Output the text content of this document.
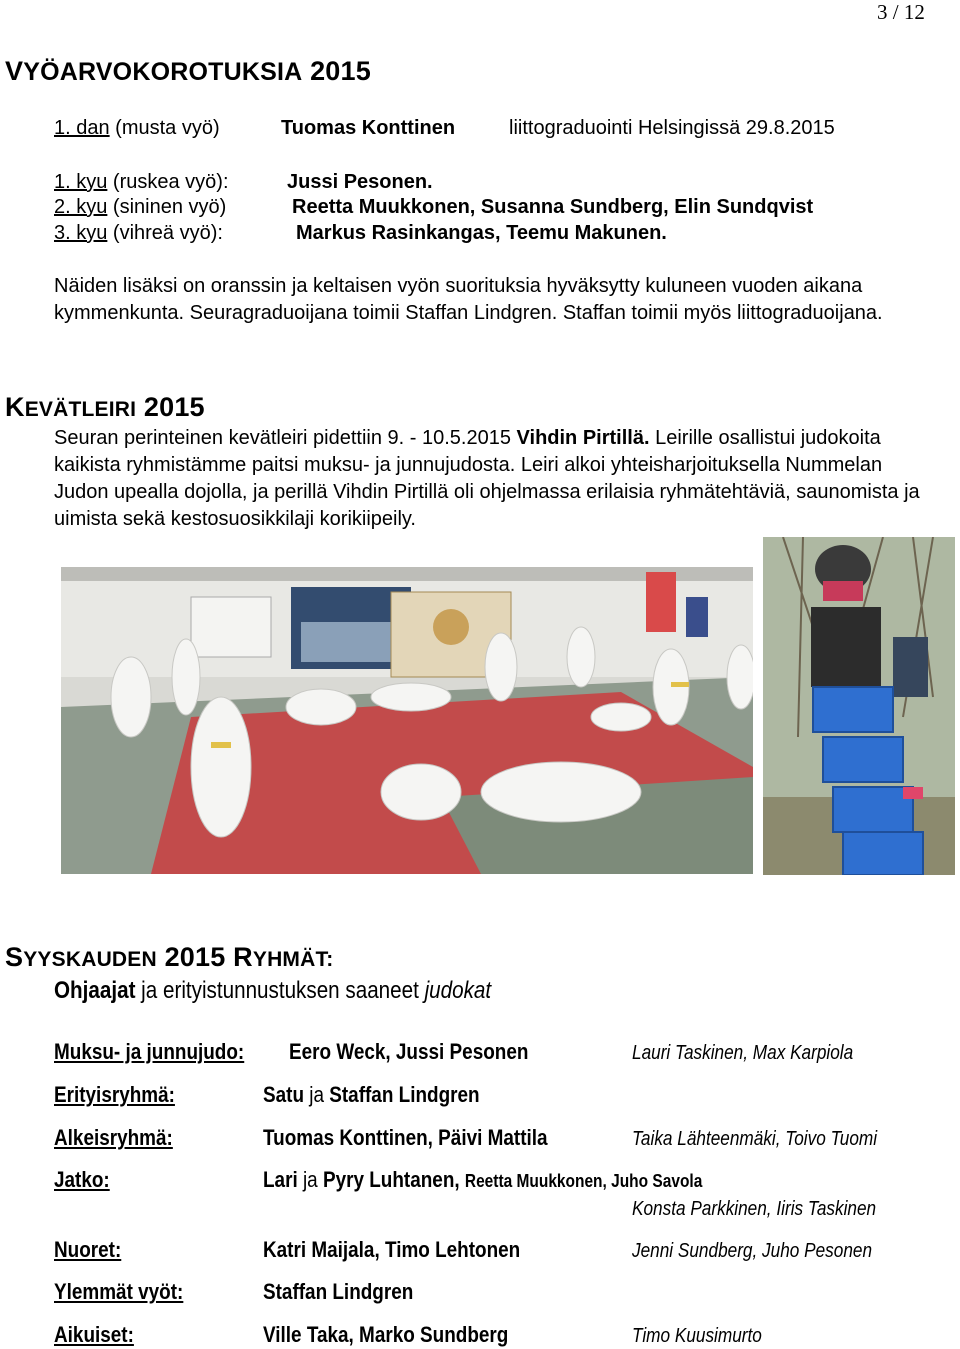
3 / 12
VYÖARVOKOROTUKSIA 2015
1. dan (musta vyö)	Tuomas Konttinen	liittograduointi Helsingissä 29.8.2015
1. kyu (ruskea vyö):	Jussi Pesonen.
2. kyu (sininen vyö)	Reetta Muukkonen, Susanna Sundberg, Elin Sundqvist
3. kyu (vihreä vyö):	Markus Rasinkangas, Teemu Makunen.
Näiden lisäksi on oranssin ja keltaisen vyön suorituksia hyväksytty kuluneen vuoden aikana kymmenkunta. Seuragraduoijana toimii Staffan Lindgren. Staffan toimii myös liittograduoijana.
KEVÄTLEIRI 2015
Seuran perinteinen kevätleiri pidettiin 9. - 10.5.2015 Vihdin Pirtillä. Leirille osallistui judokoita kaikista ryhmistämme paitsi muksu- ja junnujudosta. Leiri alkoi yhteisharjoituksella Nummelan Judon upealla dojolla, ja perillä Vihdin Pirtillä oli ohjelmassa erilaisia ryhmätehtäviä, saunomista ja uimista sekä kestosuosikkilaji korikiipeily.
SYYSKAUDEN 2015 RYHMÄT:
Ohjaajat ja erityistunnustuksen saaneet judokat
Muksu- ja junnujudo: Eero Weck, Jussi Pesonen	Lauri Taskinen, Max Karpiola
Erityisryhmä:	Satu ja Staffan Lindgren
Alkeisryhmä:	Tuomas Konttinen, Päivi Mattila	Taika Lähteenmäki, Toivo Tuomi
Jatko:	Lari ja Pyry Luhtanen, Reetta Muukkonen, Juho Savola
Konsta Parkkinen, Iiris Taskinen
Nuoret:	Katri Maijala, Timo Lehtonen	Jenni Sundberg, Juho Pesonen
Ylemmät vyöt:	Staffan Lindgren
Aikuiset:	Ville Taka, Marko Sundberg	Timo Kuusimurto
